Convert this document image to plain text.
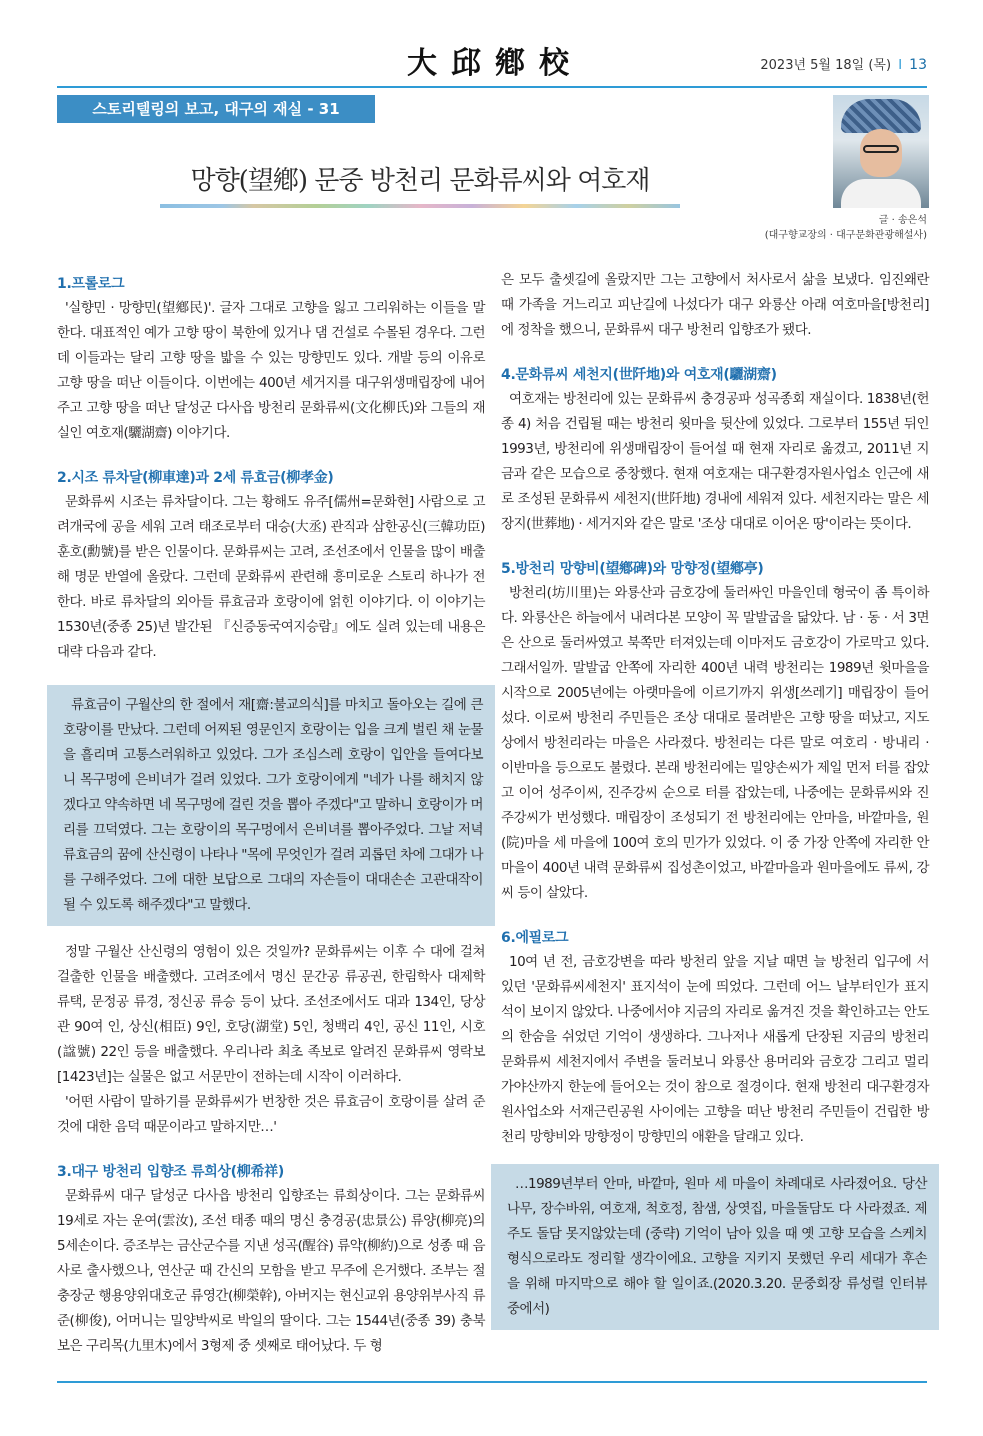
大邱鄕校	2023년 5월 18일 (목) I 13
스토리텔링의 보고, 대구의 재실 - 31
망향(望鄕) 문중 방천리 문화류씨와 여호재
글 · 송은석
(대구향교장의 · 대구문화관광해설사)
1.프롤로그

'실향민 · 망향민(望鄕民)'. 글자 그대로 고향을 잃고 그리워하는 이들을 말한다. 대표적인 예가 고향 땅이 북한에 있거나 댐 건설로 수몰된 경우다. 그런데 이들과는 달리 고향 땅을 밟을 수 있는 망향민도 있다. 개발 등의 이유로 고향 땅을 떠난 이들이다. 이번에는 400년 세거지를 대구위생매립장에 내어주고 고향 땅을 떠난 달성군 다사읍 방천리 문화류씨(文化柳氏)와 그들의 재실인 여호재(驪湖齋) 이야기다.

2.시조 류차달(柳車達)과 2세 류효금(柳孝金)

문화류씨 시조는 류차달이다. 그는 황해도 유주[儒州=문화현] 사람으로 고려개국에 공을 세워 고려 태조로부터 대승(大丞) 관직과 삼한공신(三韓功臣) 훈호(勳號)를 받은 인물이다. 문화류씨는 고려, 조선조에서 인물을 많이 배출해 명문 반열에 올랐다. 그런데 문화류씨 관련해 흥미로운 스토리 하나가 전한다. 바로 류차달의 외아들 류효금과 호랑이에 얽힌 이야기다. 이 이야기는 1530년(중종 25)년 발간된 『신증동국여지승람』에도 실려 있는데 내용은 대략 다음과 같다.

류효금이 구월산의 한 절에서 재[齋:불교의식]를 마치고 돌아오는 길에 큰 호랑이를 만났다. 그런데 어찌된 영문인지 호랑이는 입을 크게 벌린 채 눈물을 흘리며 고통스러워하고 있었다. 그가 조심스레 호랑이 입안을 들여다보니 목구멍에 은비녀가 걸려 있었다. 그가 호랑이에게 "네가 나를 해치지 않겠다고 약속하면 네 목구멍에 걸린 것을 뽑아 주겠다"고 말하니 호랑이가 머리를 끄덕였다. 그는 호랑이의 목구멍에서 은비녀를 뽑아주었다. 그날 저녁 류효금의 꿈에 산신령이 나타나 "목에 무엇인가 걸려 괴롭던 차에 그대가 나를 구해주었다. 그에 대한 보답으로 그대의 자손들이 대대손손 고관대작이 될 수 있도록 해주겠다"고 말했다.

정말 구월산 산신령의 영험이 있은 것일까? 문화류씨는 이후 수 대에 걸쳐 걸출한 인물을 배출했다. 고려조에서 명신 문간공 류공권, 한림학사 대제학 류택, 문정공 류경, 정신공 류승 등이 났다. 조선조에서도 대과 134인, 당상관 90여 인, 상신(相臣) 9인, 호당(湖堂) 5인, 청백리 4인, 공신 11인, 시호(諡號) 22인 등을 배출했다. 우리나라 최초 족보로 알려진 문화류씨 영락보[1423년]는 실물은 없고 서문만이 전하는데 시작이 이러하다.

'어떤 사람이 말하기를 문화류씨가 번창한 것은 류효금이 호랑이를 살려 준 것에 대한 음덕 때문이라고 말하지만…'

3.대구 방천리 입향조 류희상(柳希祥)

문화류씨 대구 달성군 다사읍 방천리 입향조는 류희상이다. 그는 문화류씨 19세로 자는 운여(雲汝), 조선 태종 때의 명신 충경공(忠景公) 류양(柳亮)의 5세손이다. 증조부는 금산군수를 지낸 성곡(醒谷) 류약(柳約)으로 성종 때 음사로 출사했으나, 연산군 때 간신의 모함을 받고 무주에 은거했다. 조부는 절충장군 행용양위대호군 류영간(柳榮幹), 아버지는 현신교위 용양위부사직 류준(柳俊), 어머니는 밀양박씨로 박일의 딸이다. 그는 1544년(중종 39) 충북 보은 구리목(九里木)에서 3형제 중 셋째로 태어났다. 두 형

은 모두 출셋길에 올랐지만 그는 고향에서 처사로서 삶을 보냈다. 임진왜란 때 가족을 거느리고 피난길에 나섰다가 대구 와룡산 아래 여호마을[방천리]에 정착을 했으니, 문화류씨 대구 방천리 입향조가 됐다.

4.문화류씨 세천지(世阡地)와 여호재(驪湖齋)

여호재는 방천리에 있는 문화류씨 충경공파 성곡종회 재실이다. 1838년(헌종 4) 처음 건립될 때는 방천리 윗마을 뒷산에 있었다. 그로부터 155년 뒤인 1993년, 방천리에 위생매립장이 들어설 때 현재 자리로 옮겼고, 2011년 지금과 같은 모습으로 중창했다. 현재 여호재는 대구환경자원사업소 인근에 새로 조성된 문화류씨 세천지(世阡地) 경내에 세워져 있다. 세천지라는 말은 세장지(世葬地) · 세거지와 같은 말로 '조상 대대로 이어온 땅'이라는 뜻이다.

5.방천리 망향비(望鄕碑)와 망향정(望鄕亭)

방천리(坊川里)는 와룡산과 금호강에 둘러싸인 마을인데 형국이 좀 특이하다. 와룡산은 하늘에서 내려다본 모양이 꼭 말발굽을 닮았다. 남 · 동 · 서 3면은 산으로 둘러싸였고 북쪽만 터져있는데 이마저도 금호강이 가로막고 있다. 그래서일까. 말발굽 안쪽에 자리한 400년 내력 방천리는 1989년 윗마을을 시작으로 2005년에는 아랫마을에 이르기까지 위생[쓰레기] 매립장이 들어섰다. 이로써 방천리 주민들은 조상 대대로 물려받은 고향 땅을 떠났고, 지도상에서 방천리라는 마을은 사라졌다. 방천리는 다른 말로 여호리 · 방내리 · 이반마을 등으로도 불렸다. 본래 방천리에는 밀양손씨가 제일 먼저 터를 잡았고 이어 성주이씨, 진주강씨 순으로 터를 잡았는데, 나중에는 문화류씨와 진주강씨가 번성했다. 매립장이 조성되기 전 방천리에는 안마을, 바깥마을, 원(院)마을 세 마을에 100여 호의 민가가 있었다. 이 중 가장 안쪽에 자리한 안마을이 400년 내력 문화류씨 집성촌이었고, 바깥마을과 원마을에도 류씨, 강씨 등이 살았다.

6.에필로그

10여 년 전, 금호강변을 따라 방천리 앞을 지날 때면 늘 방천리 입구에 서 있던 '문화류씨세천지' 표지석이 눈에 띄었다. 그런데 어느 날부터인가 표지석이 보이지 않았다. 나중에서야 지금의 자리로 옮겨진 것을 확인하고는 안도의 한숨을 쉬었던 기억이 생생하다. 그나저나 새롭게 단장된 지금의 방천리 문화류씨 세천지에서 주변을 둘러보니 와룡산 용머리와 금호강 그리고 멀리 가야산까지 한눈에 들어오는 것이 참으로 절경이다. 현재 방천리 대구환경자원사업소와 서재근린공원 사이에는 고향을 떠난 방천리 주민들이 건립한 방천리 망향비와 망향정이 망향민의 애환을 달래고 있다.

…1989년부터 안마, 바깥마, 원마 세 마을이 차례대로 사라졌어요. 당산나무, 장수바위, 여호재, 척호정, 참샘, 상엿집, 마을돌담도 다 사라졌죠. 제주도 돌담 못지않았는데 (중략) 기억이 남아 있을 때 옛 고향 모습을 스케치형식으로라도 정리할 생각이에요. 고향을 지키지 못했던 우리 세대가 후손을 위해 마지막으로 해야 할 일이죠.(2020.3.20. 문중회장 류성렬 인터뷰 중에서)
